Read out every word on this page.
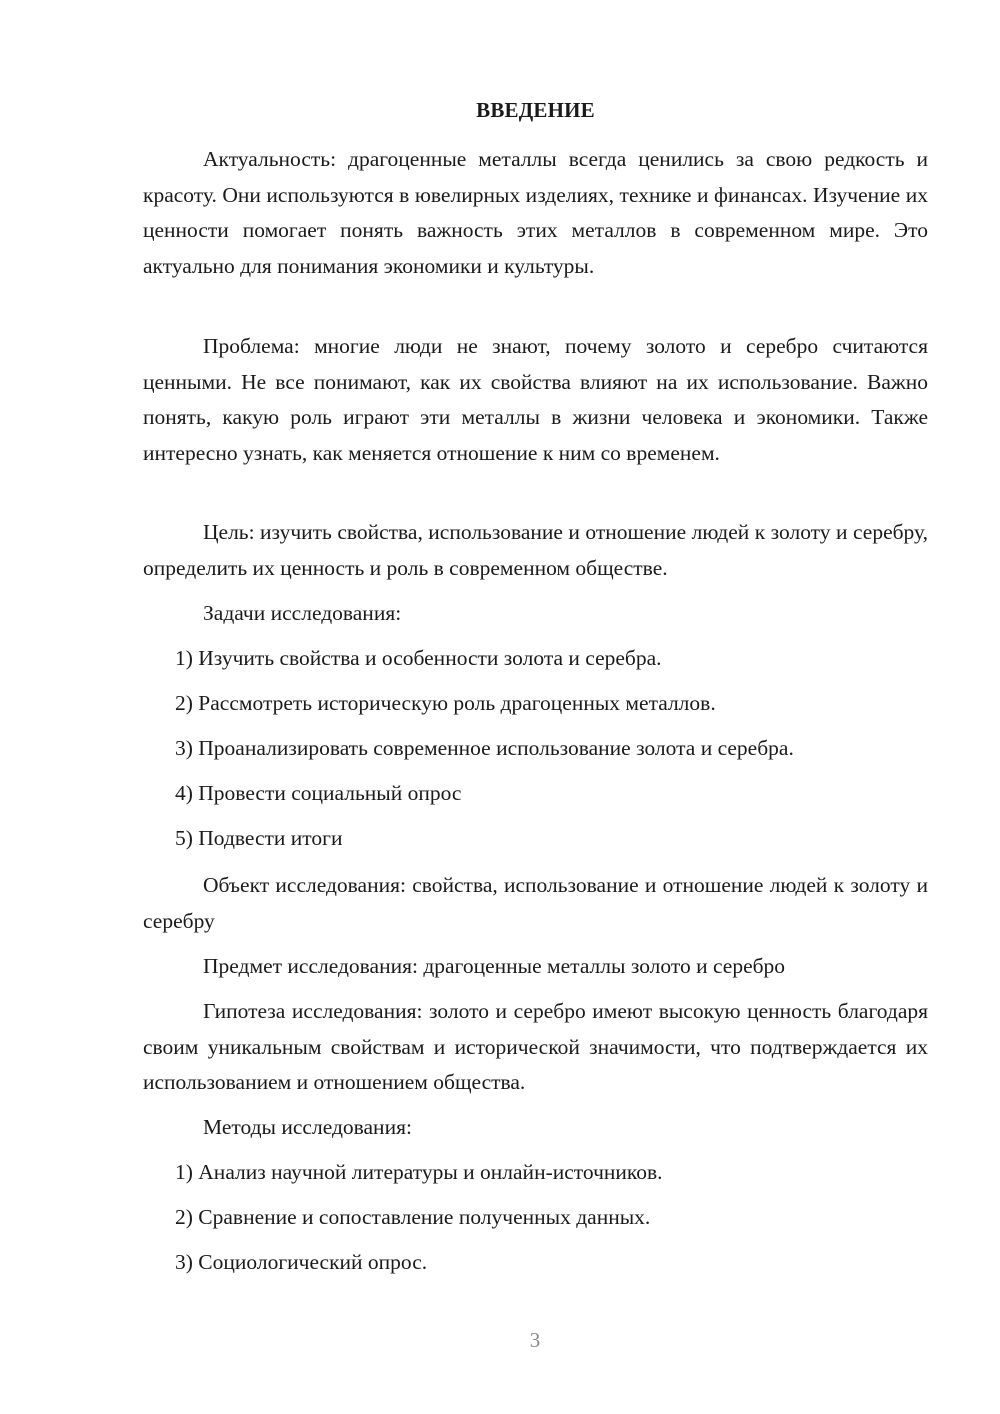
ВВЕДЕНИЕ

Актуальность: драгоценные металлы всегда ценились за свою редкость и красоту. Они используются в ювелирных изделиях, технике и финансах. Изучение их ценности помогает понять важность этих металлов в современном мире. Это актуально для понимания экономики и культуры.

Проблема: многие люди не знают, почему золото и серебро считаются ценными. Не все понимают, как их свойства влияют на их использование. Важно понять, какую роль играют эти металлы в жизни человека и экономики. Также интересно узнать, как меняется отношение к ним со временем.

Цель: изучить свойства, использование и отношение людей к золоту и серебру, определить их ценность и роль в современном обществе.

Задачи исследования:

1) Изучить свойства и особенности золота и серебра.

2) Рассмотреть историческую роль драгоценных металлов.

3) Проанализировать современное использование золота и серебра.

4) Провести социальный опрос

5) Подвести итоги

Объект исследования: свойства, использование и отношение людей к золоту и серебру

Предмет исследования: драгоценные металлы золото и серебро

Гипотеза исследования: золото и серебро имеют высокую ценность благодаря своим уникальным свойствам и исторической значимости, что подтверждается их использованием и отношением общества.

Методы исследования:

1) Анализ научной литературы и онлайн-источников.

2) Сравнение и сопоставление полученных данных.

3) Социологический опрос.

3
